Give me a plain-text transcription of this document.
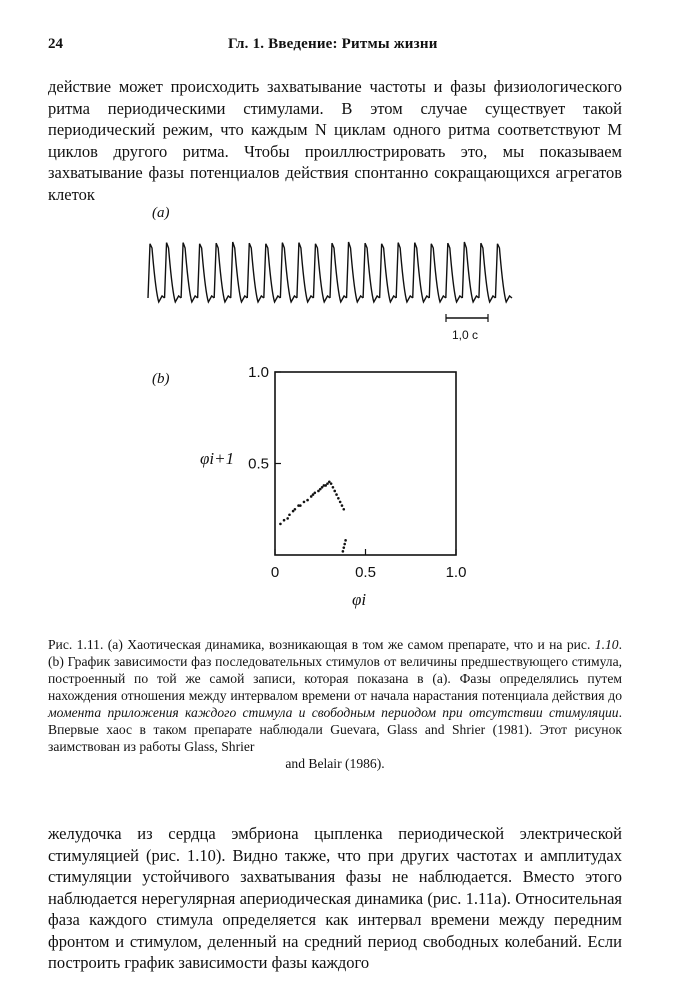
24	Гл. 1. Введение: Ритмы жизни

действие может происходить захватывание частоты и фазы физиологического ритма периодическими стимулами. В этом случае существует такой периодический режим, что каждым N циклам одного ритма соответствуют M циклов другого ритма. Чтобы проиллюстрировать это, мы показываем захватывание фазы потенциалов действия спонтанно сокращающихся агрегатов клеток

(a)
1,0 с
(b)
0	0.5	1.0
0.5
1.0
φi+1
φi

Рис. 1.11. (a) Хаотическая динамика, возникающая в том же самом препарате, что и на рис. 1.10. (b) График зависимости фаз последовательных стимулов от величины предшествующего стимула, построенный по той же самой записи, которая показана в (a). Фазы определялись путем нахождения отношения между интервалом времени от начала нарастания потенциала действия до момента приложения каждого стимула и свободным периодом при отсутствии стимуляции. Впервые хаос в таком препарате наблюдали Guevara, Glass and Shrier (1981). Этот рисунок заимствован из работы Glass, Shrier
and Belair (1986).

желудочка из сердца эмбриона цыпленка периодической электрической стимуляцией (рис. 1.10). Видно также, что при других частотах и амплитудах стимуляции устойчивого захватывания фазы не наблюдается. Вместо этого наблюдается нерегулярная апериодическая динамика (рис. 1.11a). Относительная фаза каждого стимула определяется как интервал времени между передним фронтом и стимулом, деленный на средний период свободных колебаний. Если построить график зависимости фазы каждого
